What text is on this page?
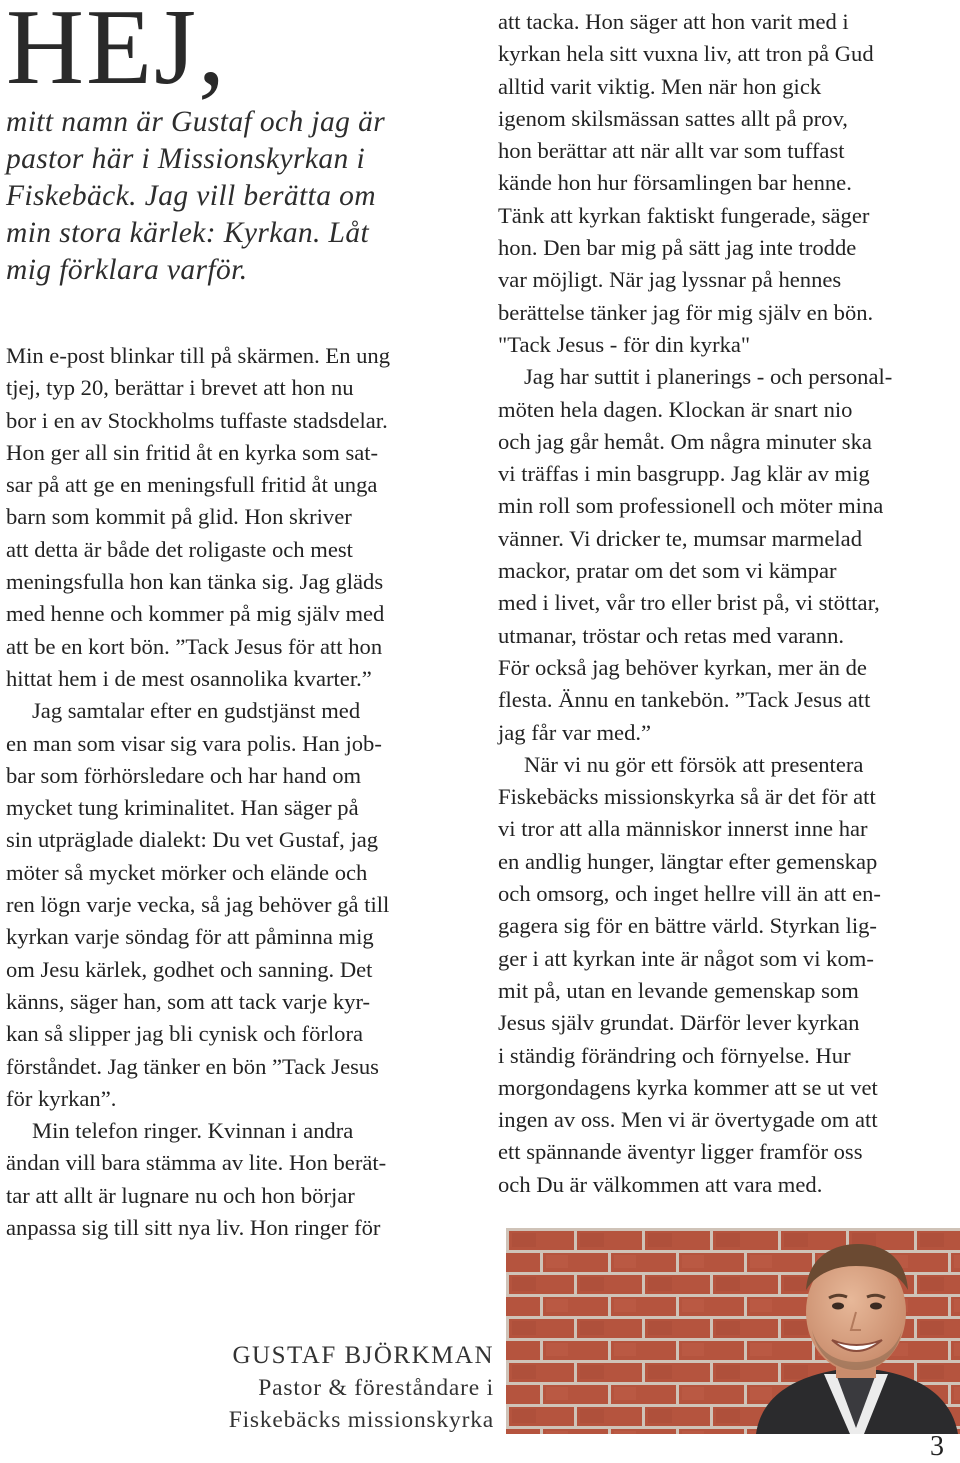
HEJ,

mitt namn är Gustaf och jag är
pastor här i Missionskyrkan i
Fiskebäck. Jag vill berätta om
min stora kärlek: Kyrkan. Låt
mig förklara varför.

Min e-post blinkar till på skärmen. En ung
tjej, typ 20, berättar i brevet att hon nu
bor i en av Stockholms tuffaste stadsdelar.
Hon ger all sin fritid åt en kyrka som sat-
sar på att ge en meningsfull fritid åt unga
barn som kommit på glid. Hon skriver
att detta är både det roligaste och mest
meningsfulla hon kan tänka sig. Jag gläds
med henne och kommer på mig själv med
att be en kort bön. ”Tack Jesus för att hon
hittat hem i de mest osannolika kvarter.”
Jag samtalar efter en gudstjänst med
en man som visar sig vara polis. Han job-
bar som förhörsledare och har hand om
mycket tung kriminalitet. Han säger på
sin utpräglade dialekt: Du vet Gustaf, jag
möter så mycket mörker och elände och
ren lögn varje vecka, så jag behöver gå till
kyrkan varje söndag för att påminna mig
om Jesu kärlek, godhet och sanning. Det
känns, säger han, som att tack varje kyr-
kan så slipper jag bli cynisk och förlora
förståndet. Jag tänker en bön ”Tack Jesus
för kyrkan”.
Min telefon ringer. Kvinnan i andra
ändan vill bara stämma av lite. Hon berät-
tar att allt är lugnare nu och hon börjar
anpassa sig till sitt nya liv. Hon ringer för
att tacka. Hon säger att hon varit med i
kyrkan hela sitt vuxna liv, att tron på Gud
alltid varit viktig. Men när hon gick
igenom skilsmässan sattes allt på prov,
hon berättar att när allt var som tuffast
kände hon hur församlingen bar henne.
Tänk att kyrkan faktiskt fungerade, säger
hon. Den bar mig på sätt jag inte trodde
var möjligt. När jag lyssnar på hennes
berättelse tänker jag för mig själv en bön.
"Tack Jesus - för din kyrka"
Jag har suttit i planerings - och personal-
möten hela dagen. Klockan är snart nio
och jag går hemåt. Om några minuter ska
vi träffas i min basgrupp. Jag klär av mig
min roll som professionell och möter mina
vänner. Vi dricker te, mumsar marmelad
mackor, pratar om det som vi kämpar
med i livet, vår tro eller brist på, vi stöttar,
utmanar, tröstar och retas med varann.
För också jag behöver kyrkan, mer än de
flesta. Ännu en tankebön. ”Tack Jesus att
jag får var med.”
När vi nu gör ett försök att presentera
Fiskebäcks missionskyrka så är det för att
vi tror att alla människor innerst inne har
en andlig hunger, längtar efter gemenskap
och omsorg, och inget hellre vill än att en-
gagera sig för en bättre värld. Styrkan lig-
ger i att kyrkan inte är något som vi kom-
mit på, utan en levande gemenskap som
Jesus själv grundat. Därför lever kyrkan
i ständig förändring och förnyelse. Hur
morgondagens kyrka kommer att se ut vet
ingen av oss. Men vi är övertygade om att
ett spännande äventyr ligger framför oss
och Du är välkommen att vara med.

GUSTAF BJÖRKMAN
Pastor & föreståndare i
Fiskebäcks missionskyrka

3
